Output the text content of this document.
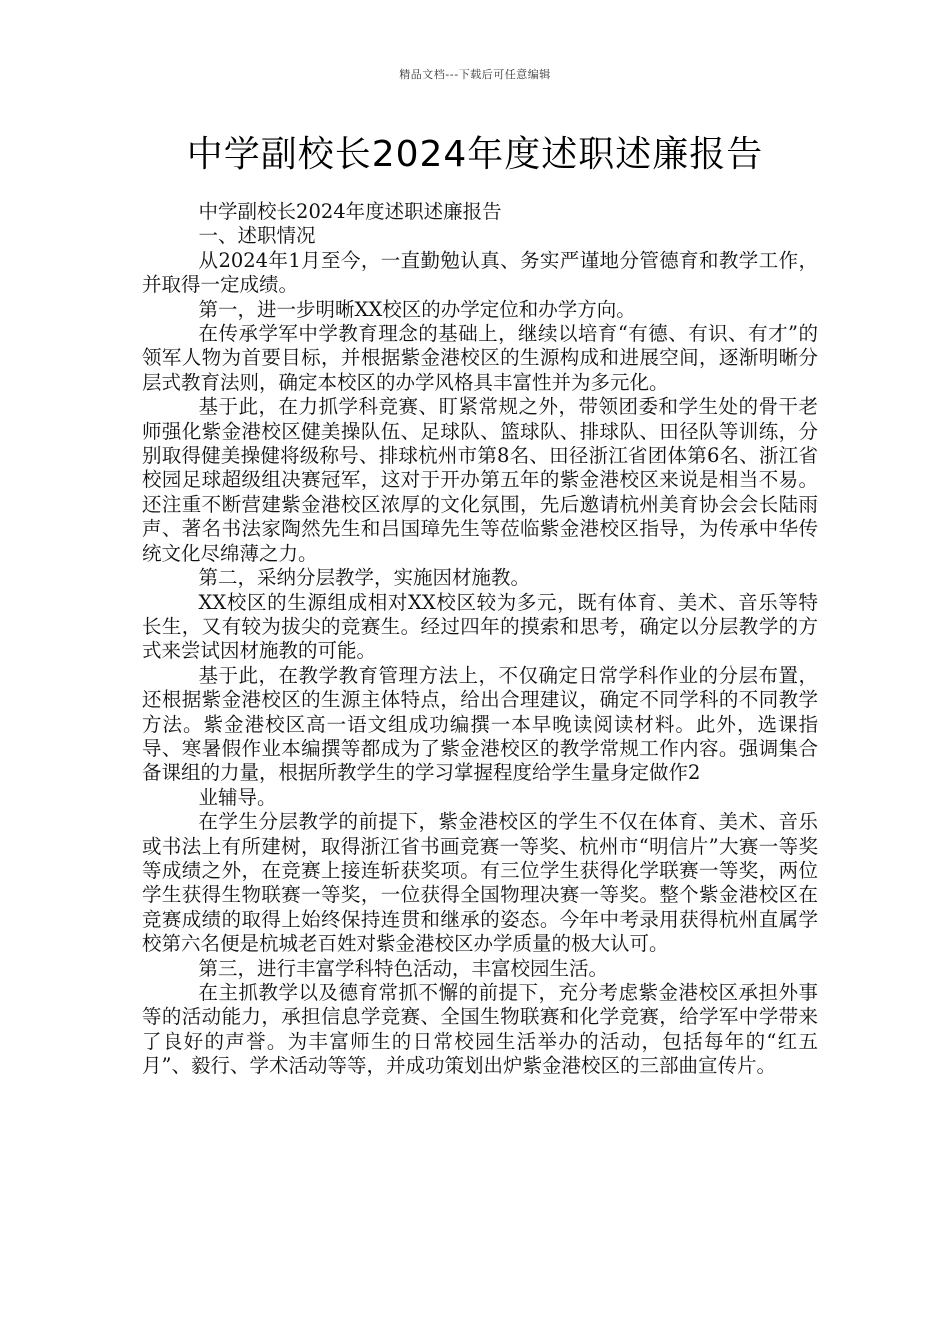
精品文档---下载后可任意编辑
中学副校长2024年度述职述廉报告

中学副校长2024年度述职述廉报告

一、述职情况

从2024年1月至今，一直勤勉认真、务实严谨地分管德育和教学工作，并取得一定成绩。

第一，进一步明晰XX校区的办学定位和办学方向。

在传承学军中学教育理念的基础上，继续以培育“有德、有识、有才”的领军人物为首要目标，并根据紫金港校区的生源构成和进展空间，逐渐明晰分层式教育法则，确定本校区的办学风格具丰富性并为多元化。

基于此，在力抓学科竞赛、盯紧常规之外，带领团委和学生处的骨干老师强化紫金港校区健美操队伍、足球队、篮球队、排球队、田径队等训练，分别取得健美操健将级称号、排球杭州市第8名、田径浙江省团体第6名、浙江省校园足球超级组决赛冠军，这对于开办第五年的紫金港校区来说是相当不易。还注重不断营建紫金港校区浓厚的文化氛围，先后邀请杭州美育协会会长陆雨声、著名书法家陶然先生和吕国璋先生等莅临紫金港校区指导，为传承中华传统文化尽绵薄之力。

第二，采纳分层教学，实施因材施教。

XX校区的生源组成相对XX校区较为多元，既有体育、美术、音乐等特长生，又有较为拔尖的竞赛生。经过四年的摸索和思考，确定以分层教学的方式来尝试因材施教的可能。

基于此，在教学教育管理方法上，不仅确定日常学科作业的分层布置，还根据紫金港校区的生源主体特点，给出合理建议，确定不同学科的不同教学方法。紫金港校区高一语文组成功编撰一本早晚读阅读材料。此外，选课指导、寒暑假作业本编撰等都成为了紫金港校区的教学常规工作内容。强调集合备课组的力量，根据所教学生的学习掌握程度给学生量身定做作2

业辅导。

在学生分层教学的前提下，紫金港校区的学生不仅在体育、美术、音乐或书法上有所建树，取得浙江省书画竞赛一等奖、杭州市“明信片”大赛一等奖等成绩之外，在竞赛上接连斩获奖项。有三位学生获得化学联赛一等奖，两位学生获得生物联赛一等奖，一位获得全国物理决赛一等奖。整个紫金港校区在竞赛成绩的取得上始终保持连贯和继承的姿态。今年中考录用获得杭州直属学校第六名便是杭城老百姓对紫金港校区办学质量的极大认可。

第三，进行丰富学科特色活动，丰富校园生活。

在主抓教学以及德育常抓不懈的前提下，充分考虑紫金港校区承担外事等的活动能力，承担信息学竞赛、全国生物联赛和化学竞赛，给学军中学带来了良好的声誉。为丰富师生的日常校园生活举办的活动，包括每年的“红五月”、毅行、学术活动等等，并成功策划出炉紫金港校区的三部曲宣传片。
